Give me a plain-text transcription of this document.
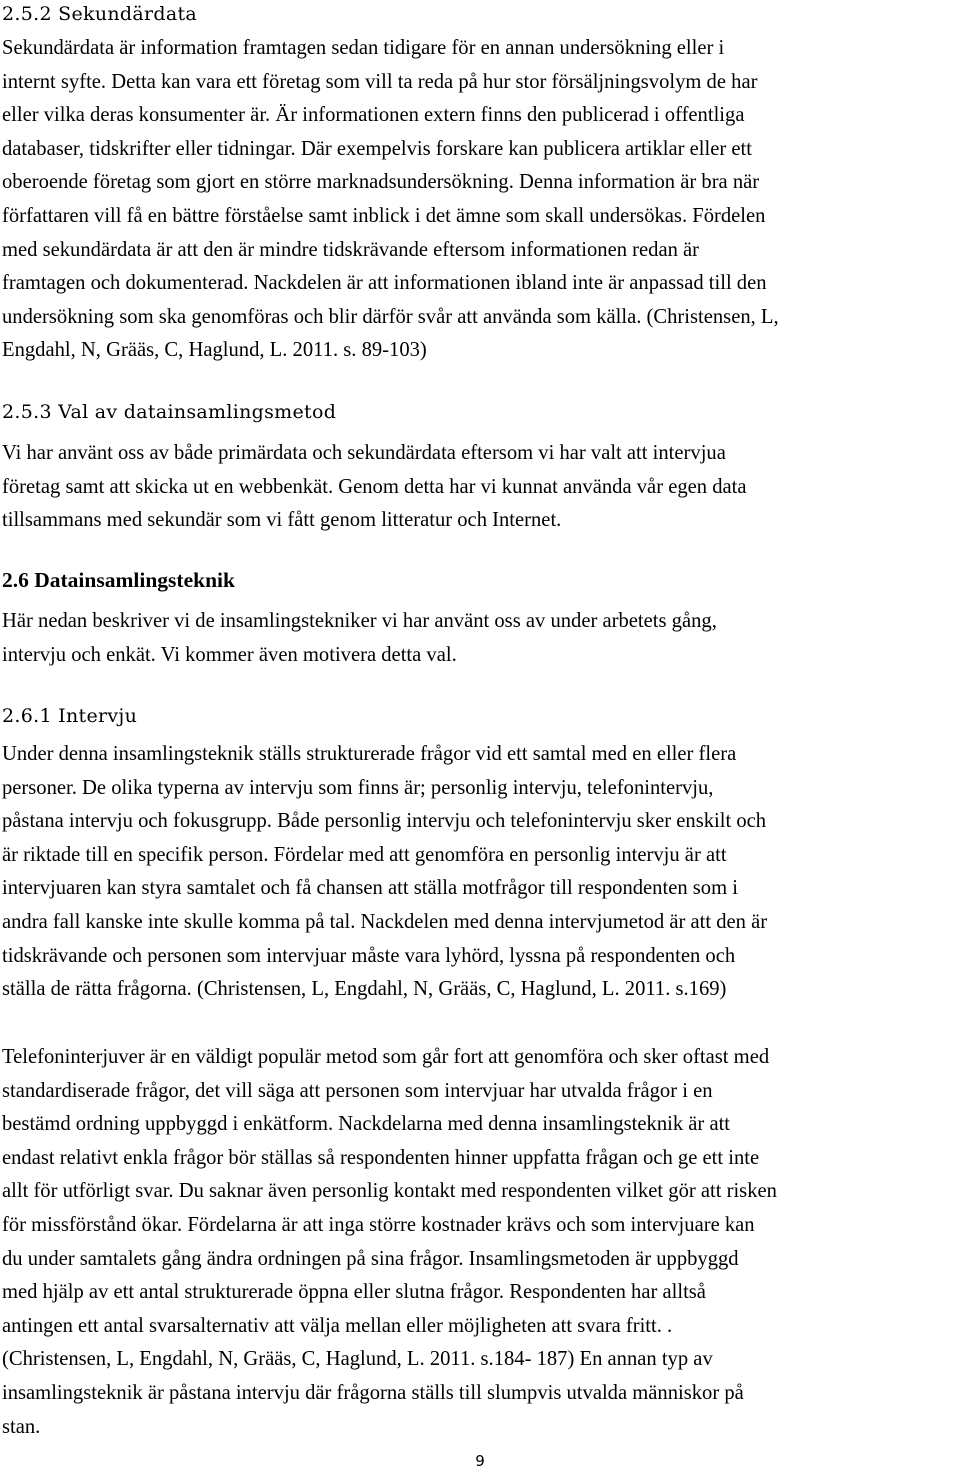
2.5.2 Sekundärdata
Sekundärdata är information framtagen sedan tidigare för en annan undersökning eller i
internt syfte. Detta kan vara ett företag som vill ta reda på hur stor försäljningsvolym de har
eller vilka deras konsumenter är. Är informationen extern finns den publicerad i offentliga
databaser, tidskrifter eller tidningar. Där exempelvis forskare kan publicera artiklar eller ett
oberoende företag som gjort en större marknadsundersökning. Denna information är bra när
författaren vill få en bättre förståelse samt inblick i det ämne som skall undersökas. Fördelen
med sekundärdata är att den är mindre tidskrävande eftersom informationen redan är
framtagen och dokumenterad. Nackdelen är att informationen ibland inte är anpassad till den
undersökning som ska genomföras och blir därför svår att använda som källa. (Christensen, L,
Engdahl, N, Grääs, C, Haglund, L. 2011. s. 89-103)
2.5.3 Val av datainsamlingsmetod
Vi har använt oss av både primärdata och sekundärdata eftersom vi har valt att intervjua
företag samt att skicka ut en webbenkät. Genom detta har vi kunnat använda vår egen data
tillsammans med sekundär som vi fått genom litteratur och Internet.
2.6 Datainsamlingsteknik
Här nedan beskriver vi de insamlingstekniker vi har använt oss av under arbetets gång,
intervju och enkät. Vi kommer även motivera detta val.
2.6.1 Intervju
Under denna insamlingsteknik ställs strukturerade frågor vid ett samtal med en eller flera
personer. De olika typerna av intervju som finns är; personlig intervju, telefonintervju,
påstana intervju och fokusgrupp. Både personlig intervju och telefonintervju sker enskilt och
är riktade till en specifik person. Fördelar med att genomföra en personlig intervju är att
intervjuaren kan styra samtalet och få chansen att ställa motfrågor till respondenten som i
andra fall kanske inte skulle komma på tal. Nackdelen med denna intervjumetod är att den är
tidskrävande och personen som intervjuar måste vara lyhörd, lyssna på respondenten och
ställa de rätta frågorna. (Christensen, L, Engdahl, N, Grääs, C, Haglund, L. 2011. s.169)
Telefoninterjuver är en väldigt populär metod som går fort att genomföra och sker oftast med
standardiserade frågor, det vill säga att personen som intervjuar har utvalda frågor i en
bestämd ordning uppbyggd i enkätform. Nackdelarna med denna insamlingsteknik är att
endast relativt enkla frågor bör ställas så respondenten hinner uppfatta frågan och ge ett inte
allt för utförligt svar. Du saknar även personlig kontakt med respondenten vilket gör att risken
för missförstånd ökar. Fördelarna är att inga större kostnader krävs och som intervjuare kan
du under samtalets gång ändra ordningen på sina frågor. Insamlingsmetoden är uppbyggd
med hjälp av ett antal strukturerade öppna eller slutna frågor. Respondenten har alltså
antingen ett antal svarsalternativ att välja mellan eller möjligheten att svara fritt. .
(Christensen, L, Engdahl, N, Grääs, C, Haglund, L. 2011. s.184- 187) En annan typ av
insamlingsteknik är påstana intervju där frågorna ställs till slumpvis utvalda människor på
stan.
9
